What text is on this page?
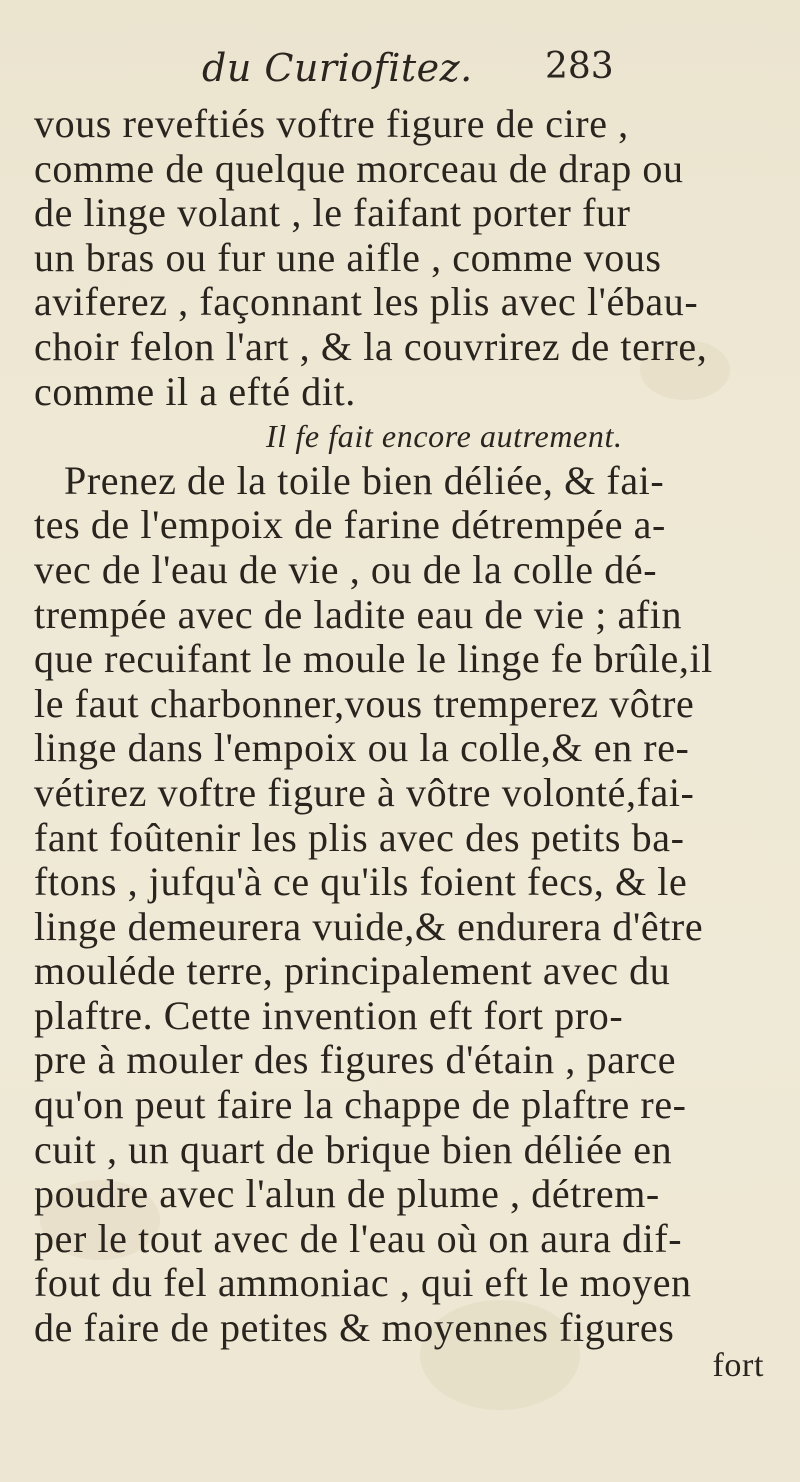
du Curiofitez. 283
vous reveftiés voftre figure de cire ,
comme de quelque morceau de drap ou
de linge volant , le faifant porter fur
un bras ou fur une aifle , comme vous
aviferez , façonnant les plis avec l'ébau-
choir felon l'art , & la couvrirez de terre,
comme il a efté dit.
Il fe fait encore autrement.
Prenez de la toile bien déliée, & fai-
tes de l'empoix de farine détrempée a-
vec de l'eau de vie , ou de la colle dé-
trempée avec de ladite eau de vie ; afin
que recuifant le moule le linge fe brûle,il
le faut charbonner,vous tremperez vôtre
linge dans l'empoix ou la colle,& en re-
vétirez voftre figure à vôtre volonté,fai-
fant foûtenir les plis avec des petits ba-
ftons , jufqu'à ce qu'ils foient fecs, & le
linge demeurera vuide,& endurera d'être
mouléde terre, principalement avec du
plaftre. Cette invention eft fort pro-
pre à mouler des figures d'étain , parce
qu'on peut faire la chappe de plaftre re-
cuit , un quart de brique bien déliée en
poudre avec l'alun de plume , détrem-
per le tout avec de l'eau où on aura dif-
fout du fel ammoniac , qui eft le moyen
de faire de petites & moyennes figures
fort
